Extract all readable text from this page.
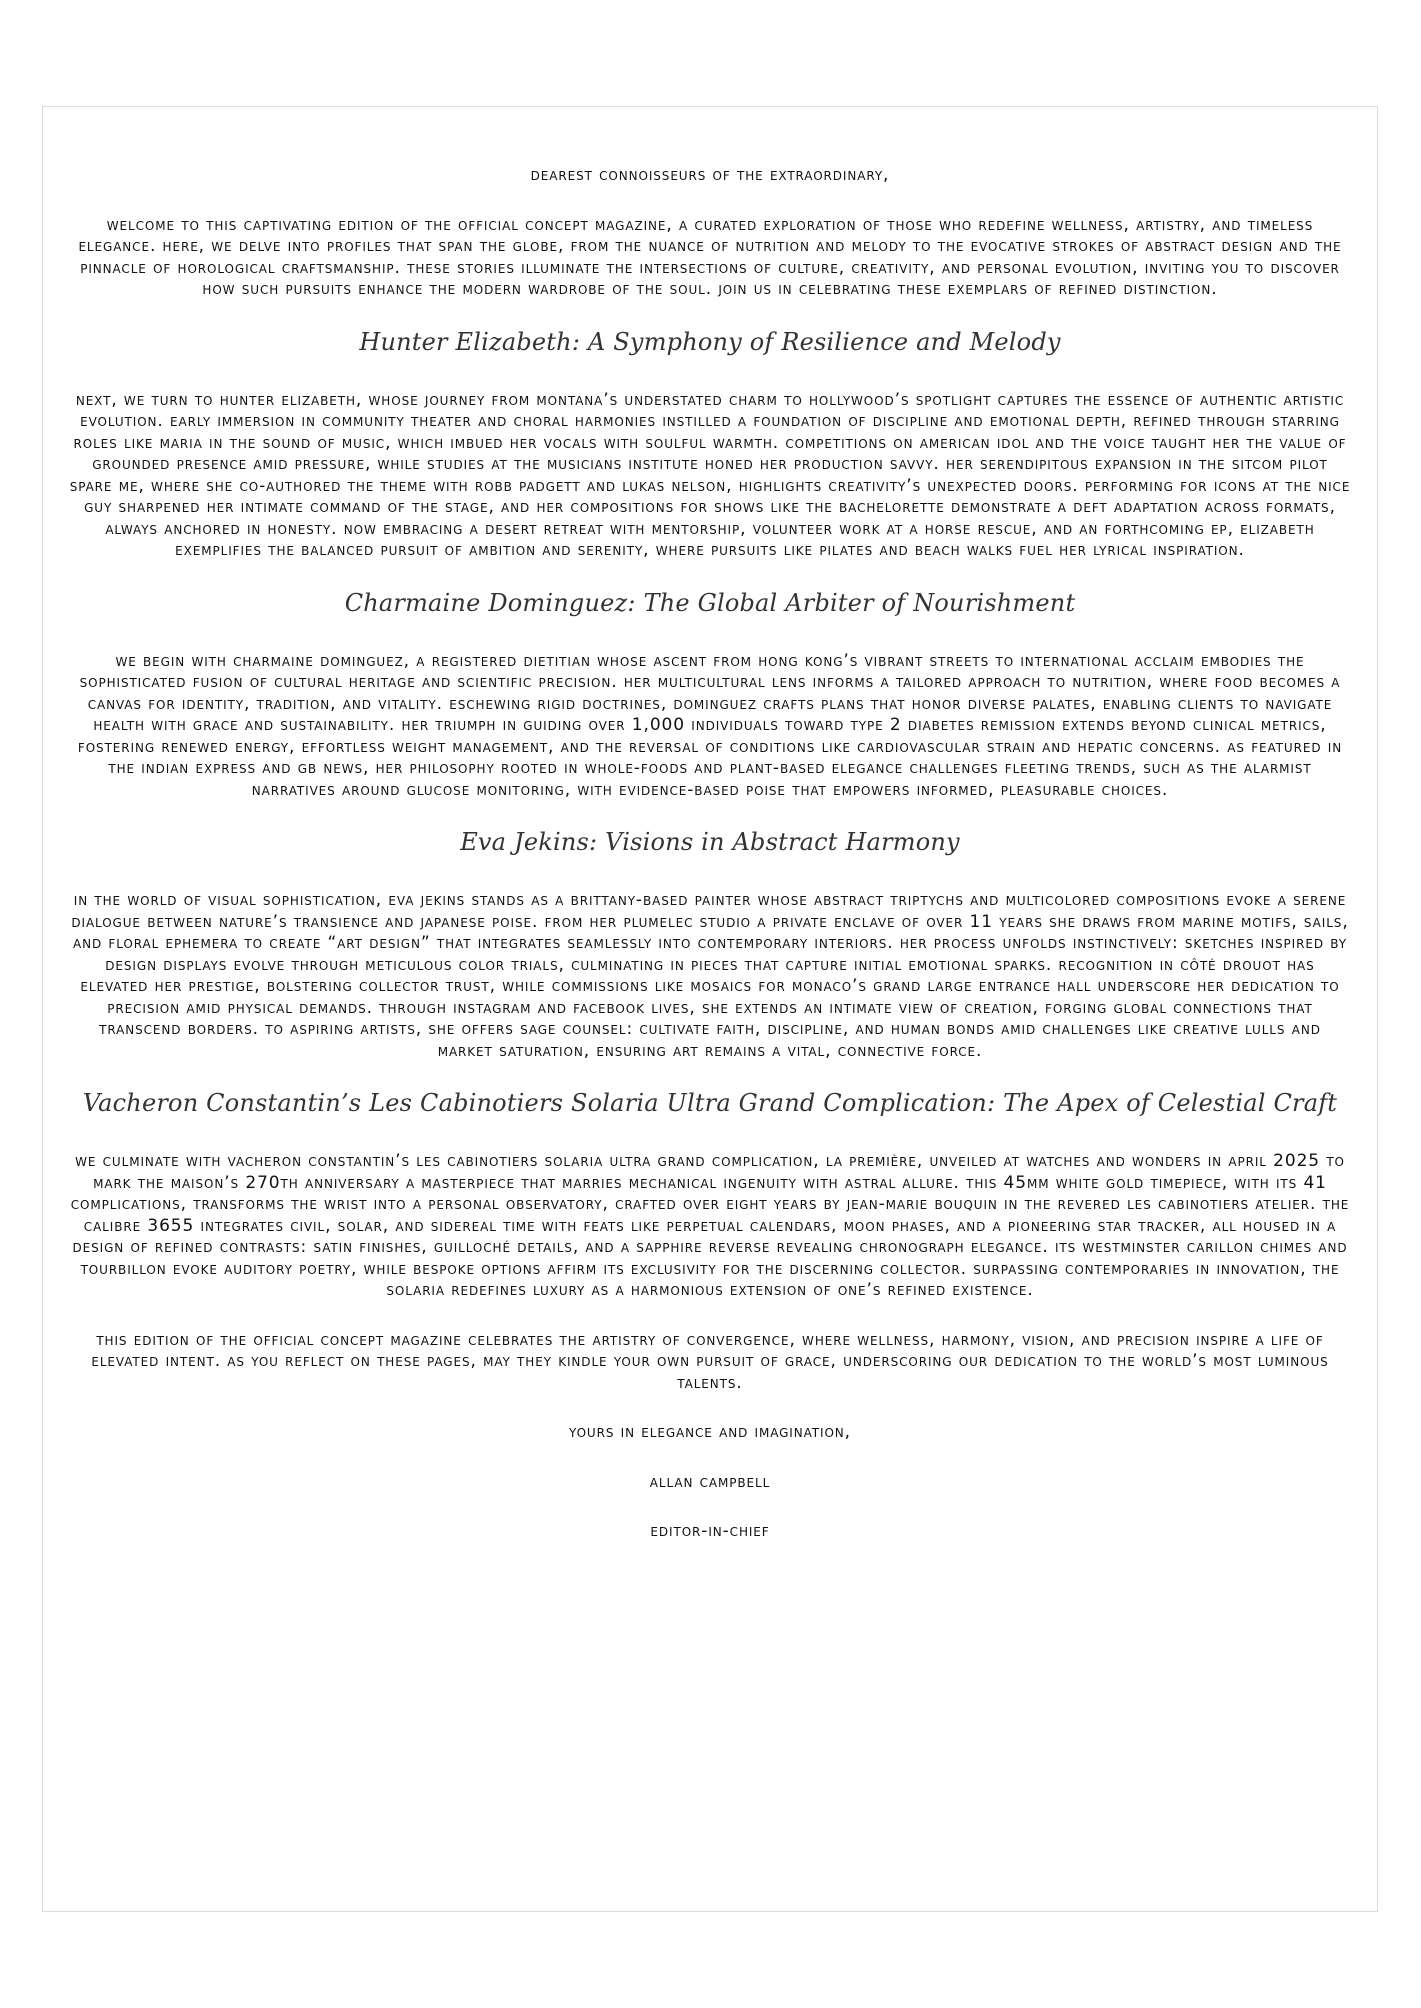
dearest connoisseurs of the extraordinary,

welcome to this captivating edition of the official concept magazine, a curated exploration of those who redefine wellness, artistry, and timeless elegance. here, we delve into profiles that span the globe, from the nuance of nutrition and melody to the evocative strokes of abstract design and the pinnacle of horological craftsmanship. these stories illuminate the intersections of culture, creativity, and personal evolution, inviting you to discover how such pursuits enhance the modern wardrobe of the soul. join us in celebrating these exemplars of refined distinction.

Hunter Elizabeth: A Symphony of Resilience and Melody

next, we turn to hunter elizabeth, whose journey from montana’s understated charm to hollywood’s spotlight captures the essence of authentic artistic evolution. early immersion in community theater and choral harmonies instilled a foundation of discipline and emotional depth, refined through starring roles like maria in the sound of music, which imbued her vocals with soulful warmth. competitions on american idol and the voice taught her the value of grounded presence amid pressure, while studies at the musicians institute honed her production savvy. her serendipitous expansion in the sitcom pilot spare me, where she co-authored the theme with robb padgett and lukas nelson, highlights creativity’s unexpected doors. performing for icons at the nice guy sharpened her intimate command of the stage, and her compositions for shows like the bachelorette demonstrate a deft adaptation across formats, always anchored in honesty. now embracing a desert retreat with mentorship, volunteer work at a horse rescue, and an forthcoming ep, elizabeth exemplifies the balanced pursuit of ambition and serenity, where pursuits like pilates and beach walks fuel her lyrical inspiration.

Charmaine Dominguez: The Global Arbiter of Nourishment

we begin with charmaine dominguez, a registered dietitian whose ascent from hong kong’s vibrant streets to international acclaim embodies the sophisticated fusion of cultural heritage and scientific precision. her multicultural lens informs a tailored approach to nutrition, where food becomes a canvas for identity, tradition, and vitality. eschewing rigid doctrines, dominguez crafts plans that honor diverse palates, enabling clients to navigate health with grace and sustainability. her triumph in guiding over 1,000 individuals toward type 2 diabetes remission extends beyond clinical metrics, fostering renewed energy, effortless weight management, and the reversal of conditions like cardiovascular strain and hepatic concerns. as featured in the indian express and gb news, her philosophy rooted in whole-foods and plant-based elegance challenges fleeting trends, such as the alarmist narratives around glucose monitoring, with evidence-based poise that empowers informed, pleasurable choices.

Eva Jekins: Visions in Abstract Harmony

in the world of visual sophistication, eva jekins stands as a brittany-based painter whose abstract triptychs and multicolored compositions evoke a serene dialogue between nature’s transience and japanese poise. from her plumelec studio a private enclave of over 11 years she draws from marine motifs, sails, and floral ephemera to create “art design” that integrates seamlessly into contemporary interiors. her process unfolds instinctively: sketches inspired by design displays evolve through meticulous color trials, culminating in pieces that capture initial emotional sparks. recognition in côté drouot has elevated her prestige, bolstering collector trust, while commissions like mosaics for monaco’s grand large entrance hall underscore her dedication to precision amid physical demands. through instagram and facebook lives, she extends an intimate view of creation, forging global connections that transcend borders. to aspiring artists, she offers sage counsel: cultivate faith, discipline, and human bonds amid challenges like creative lulls and market saturation, ensuring art remains a vital, connective force.

Vacheron Constantin’s Les Cabinotiers Solaria Ultra Grand Complication: The Apex of Celestial Craft

we culminate with vacheron constantin’s les cabinotiers solaria ultra grand complication, la première, unveiled at watches and wonders in april 2025 to mark the maison’s 270th anniversary a masterpiece that marries mechanical ingenuity with astral allure. this 45mm white gold timepiece, with its 41 complications, transforms the wrist into a personal observatory, crafted over eight years by jean-marie bouquin in the revered les cabinotiers atelier. the calibre 3655 integrates civil, solar, and sidereal time with feats like perpetual calendars, moon phases, and a pioneering star tracker, all housed in a design of refined contrasts: satin finishes, guilloché details, and a sapphire reverse revealing chronograph elegance. its westminster carillon chimes and tourbillon evoke auditory poetry, while bespoke options affirm its exclusivity for the discerning collector. surpassing contemporaries in innovation, the solaria redefines luxury as a harmonious extension of one’s refined existence.

this edition of the official concept magazine celebrates the artistry of convergence, where wellness, harmony, vision, and precision inspire a life of elevated intent. as you reflect on these pages, may they kindle your own pursuit of grace, underscoring our dedication to the world’s most luminous talents.

yours in elegance and imagination,

allan campbell

editor-in-chief
